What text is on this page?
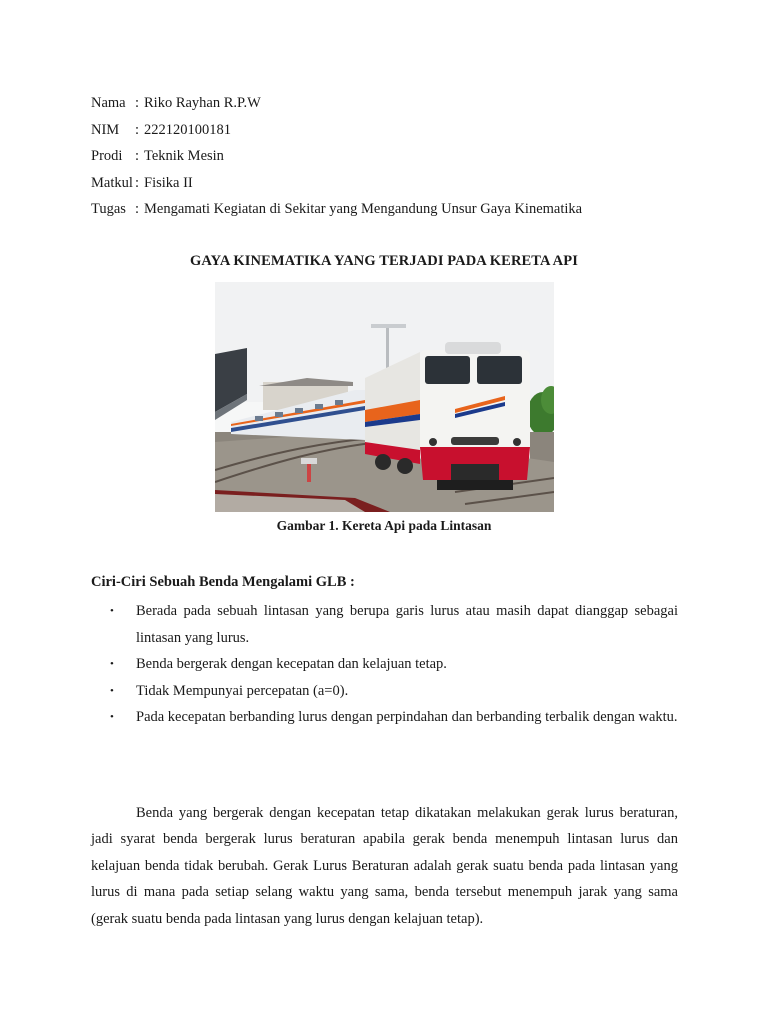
Nama : Riko Rayhan R.P.W
NIM : 222120100181
Prodi : Teknik Mesin
Matkul : Fisika II
Tugas : Mengamati Kegiatan di Sekitar yang Mengandung Unsur Gaya Kinematika
GAYA KINEMATIKA YANG TERJADI PADA KERETA API
Gambar 1. Kereta Api pada Lintasan
Ciri-Ciri Sebuah Benda Mengalami GLB :
• Berada pada sebuah lintasan yang berupa garis lurus atau masih dapat dianggap sebagai lintasan yang lurus.
• Benda bergerak dengan kecepatan dan kelajuan tetap.
• Tidak Mempunyai percepatan (a=0).
• Pada kecepatan berbanding lurus dengan perpindahan dan berbanding terbalik dengan waktu.

Benda yang bergerak dengan kecepatan tetap dikatakan melakukan gerak lurus beraturan, jadi syarat benda bergerak lurus beraturan apabila gerak benda menempuh lintasan lurus dan kelajuan benda tidak berubah. Gerak Lurus Beraturan adalah gerak suatu benda pada lintasan yang lurus di mana pada setiap selang waktu yang sama, benda tersebut menempuh jarak yang sama (gerak suatu benda pada lintasan yang lurus dengan kelajuan tetap).
